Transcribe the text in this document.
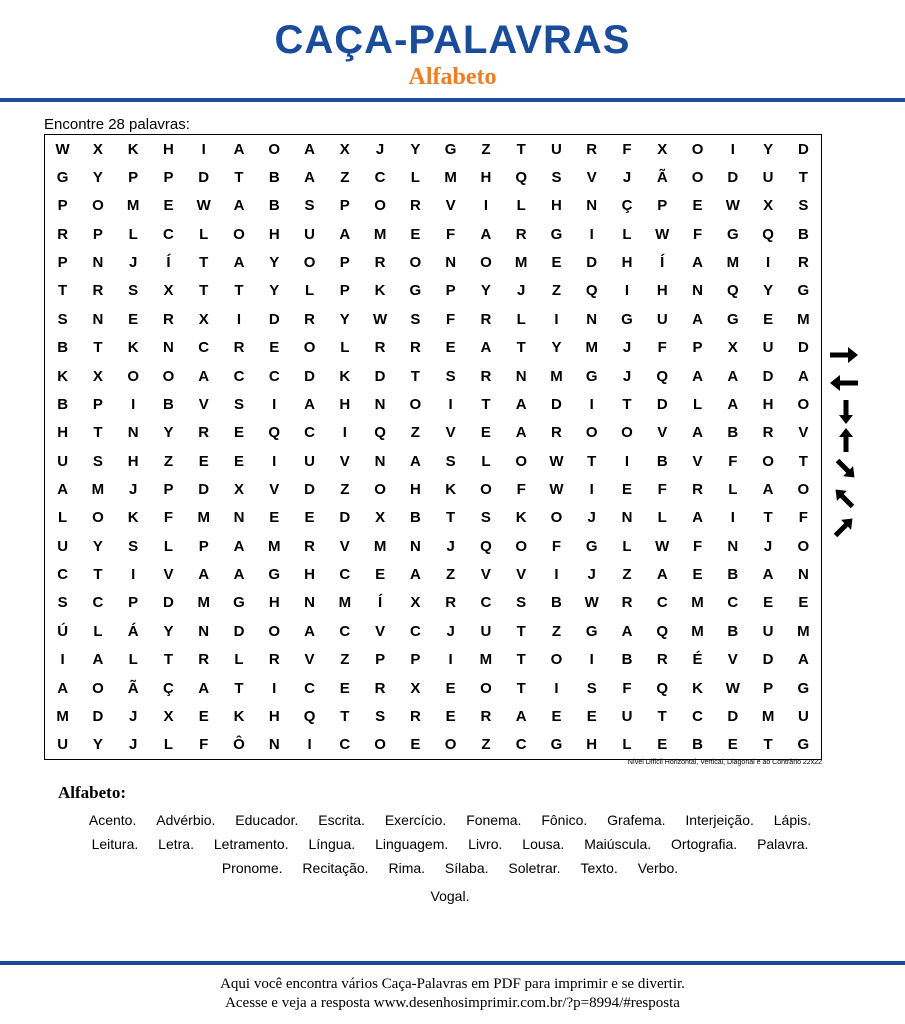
CAÇA-PALAVRAS
Alfabeto
Encontre 28 palavras:
W	X	K	H	I	A	O	A	X	J	Y	G	Z	T	U	R	F	X	O	I	Y	D
G	Y	P	P	D	T	B	A	Z	C	L	M	H	Q	S	V	J	Ã	O	D	U	T
P	O	M	E	W	A	B	S	P	O	R	V	I	L	H	N	Ç	P	E	W	X	S
R	P	L	C	L	O	H	U	A	M	E	F	A	R	G	I	L	W	F	G	Q	B
P	N	J	Í	T	A	Y	O	P	R	O	N	O	M	E	D	H	Í	A	M	I	R
T	R	S	X	T	T	Y	L	P	K	G	P	Y	J	Z	Q	I	H	N	Q	Y	G
S	N	E	R	X	I	D	R	Y	W	S	F	R	L	I	N	G	U	A	G	E	M
B	T	K	N	C	R	E	O	L	R	R	E	A	T	Y	M	J	F	P	X	U	D
K	X	O	O	A	C	C	D	K	D	T	S	R	N	M	G	J	Q	A	A	D	A
B	P	I	B	V	S	I	A	H	N	O	I	T	A	D	I	T	D	L	A	H	O
H	T	N	Y	R	E	Q	C	I	Q	Z	V	E	A	R	O	O	V	A	B	R	V
U	S	H	Z	E	E	I	U	V	N	A	S	L	O	W	T	I	B	V	F	O	T
A	M	J	P	D	X	V	D	Z	O	H	K	O	F	W	I	E	F	R	L	A	O
L	O	K	F	M	N	E	E	D	X	B	T	S	K	O	J	N	L	A	I	T	F
U	Y	S	L	P	A	M	R	V	M	N	J	Q	O	F	G	L	W	F	N	J	O
C	T	I	V	A	A	G	H	C	E	A	Z	V	V	I	J	Z	A	E	B	A	N
S	C	P	D	M	G	H	N	M	Í	X	R	C	S	B	W	R	C	M	C	E	E
Ú	L	Á	Y	N	D	O	A	C	V	C	J	U	T	Z	G	A	Q	M	B	U	M
I	A	L	T	R	L	R	V	Z	P	P	I	M	T	O	I	B	R	É	V	D	A
A	O	Ã	Ç	A	T	I	C	E	R	X	E	O	T	I	S	F	Q	K	W	P	G
M	D	J	X	E	K	H	Q	T	S	R	E	R	A	E	E	U	T	C	D	M	U
U	Y	J	L	F	Ô	N	I	C	O	E	O	Z	C	G	H	L	E	B	E	T	G
Nível Difícil Horizontal, Vertical, Diagonal e ao Contrário 22x22
Alfabeto:
Acento. Advérbio. Educador. Escrita. Exercício. Fonema. Fônico. Grafema. Interjeição. Lápis. Leitura. Letra. Letramento. Língua. Linguagem. Livro. Lousa. Maiúscula. Ortografia. Palavra. Pronome. Recitação. Rima. Sílaba. Soletrar. Texto. Verbo.
Vogal.
Aqui você encontra vários Caça-Palavras em PDF para imprimir e se divertir.
Acesse e veja a resposta www.desenhosimprimir.com.br/?p=8994/#resposta
